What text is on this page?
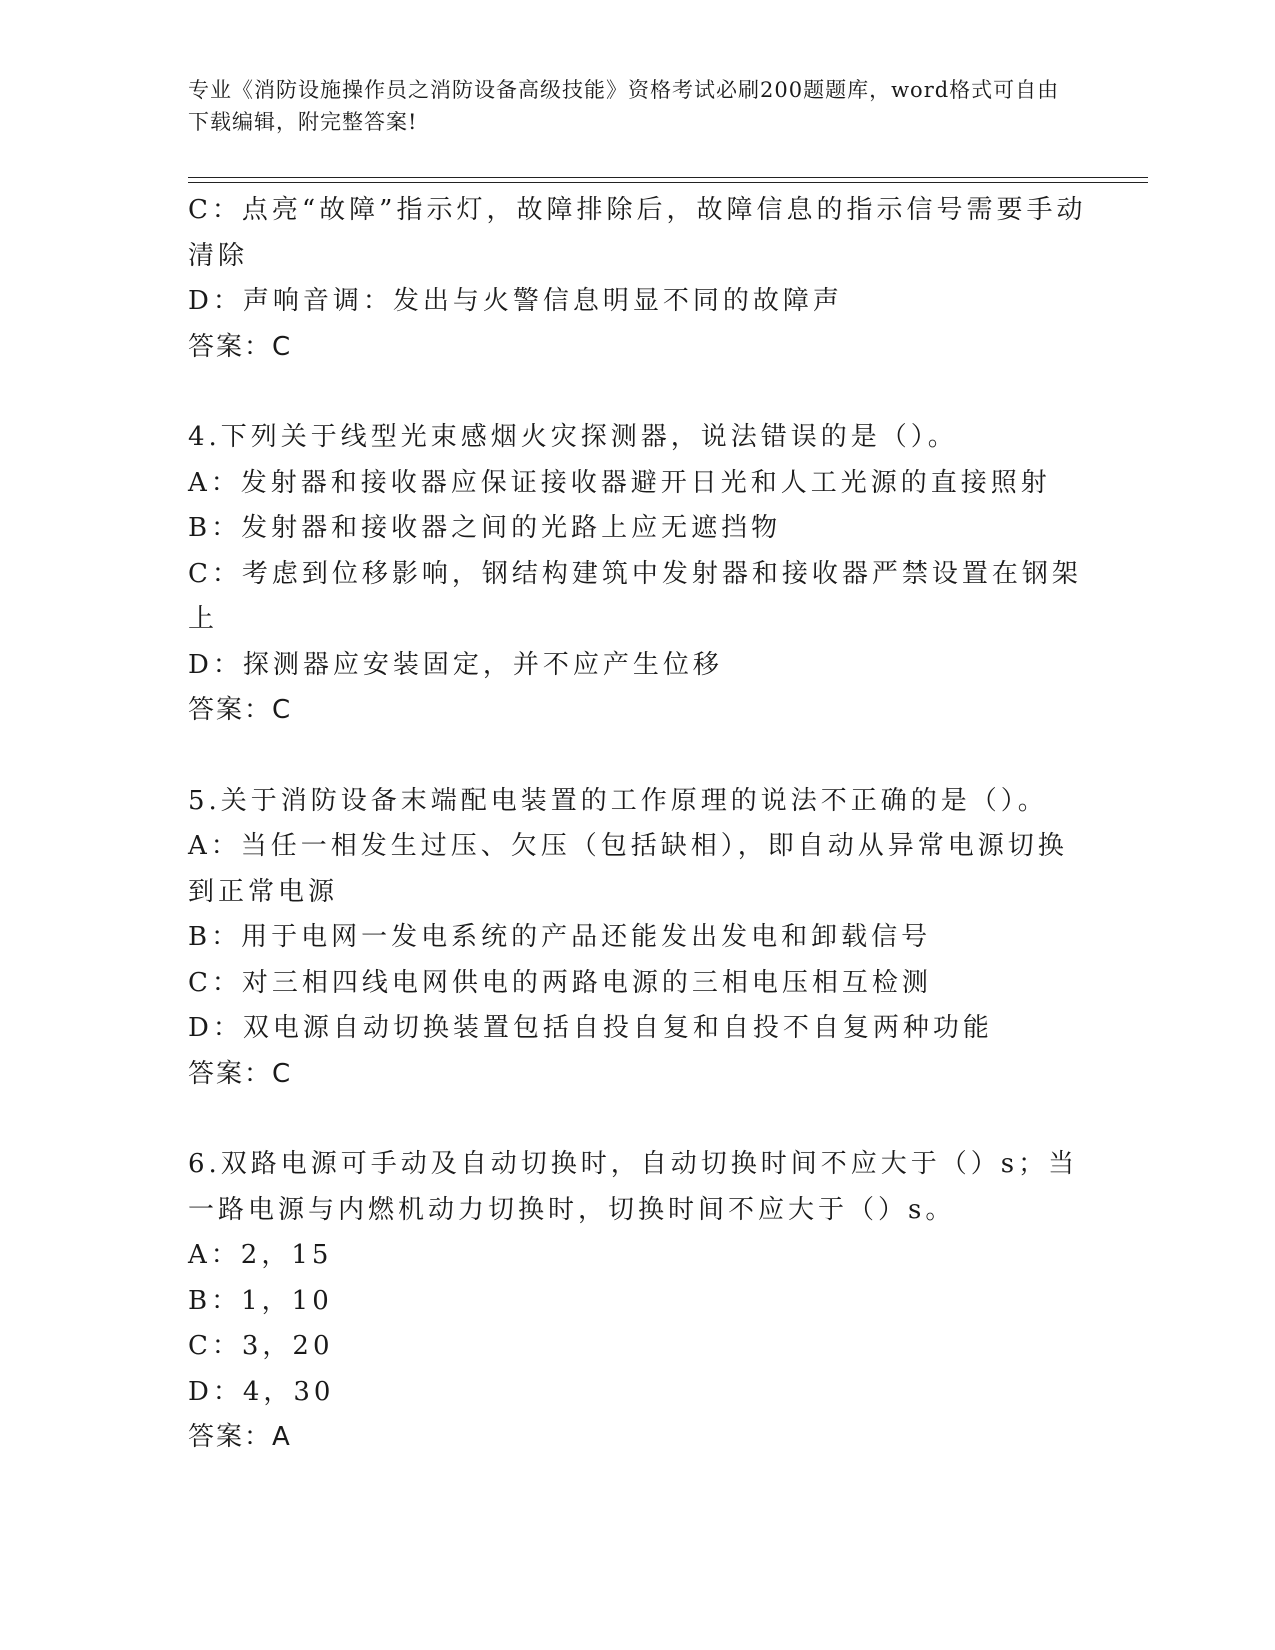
专业《消防设施操作员之消防设备高级技能》资格考试必刷200题题库，word格式可自由下载编辑，附完整答案!
C：点亮“故障”指示灯，故障排除后，故障信息的指示信号需要手动清除
D：声响音调：发出与火警信息明显不同的故障声
答案：C
4.下列关于线型光束感烟火灾探测器，说法错误的是（）。
A：发射器和接收器应保证接收器避开日光和人工光源的直接照射
B：发射器和接收器之间的光路上应无遮挡物
C：考虑到位移影响，钢结构建筑中发射器和接收器严禁设置在钢架上
D：探测器应安装固定，并不应产生位移
答案：C
5.关于消防设备末端配电装置的工作原理的说法不正确的是（）。
A：当任一相发生过压、欠压（包括缺相），即自动从异常电源切换到正常电源
B：用于电网一发电系统的产品还能发出发电和卸载信号
C：对三相四线电网供电的两路电源的三相电压相互检测
D：双电源自动切换装置包括自投自复和自投不自复两种功能
答案：C
6.双路电源可手动及自动切换时，自动切换时间不应大于（）s；当一路电源与内燃机动力切换时，切换时间不应大于（）s。
A：2，15
B：1，10
C：3，20
D：4，30
答案：A
